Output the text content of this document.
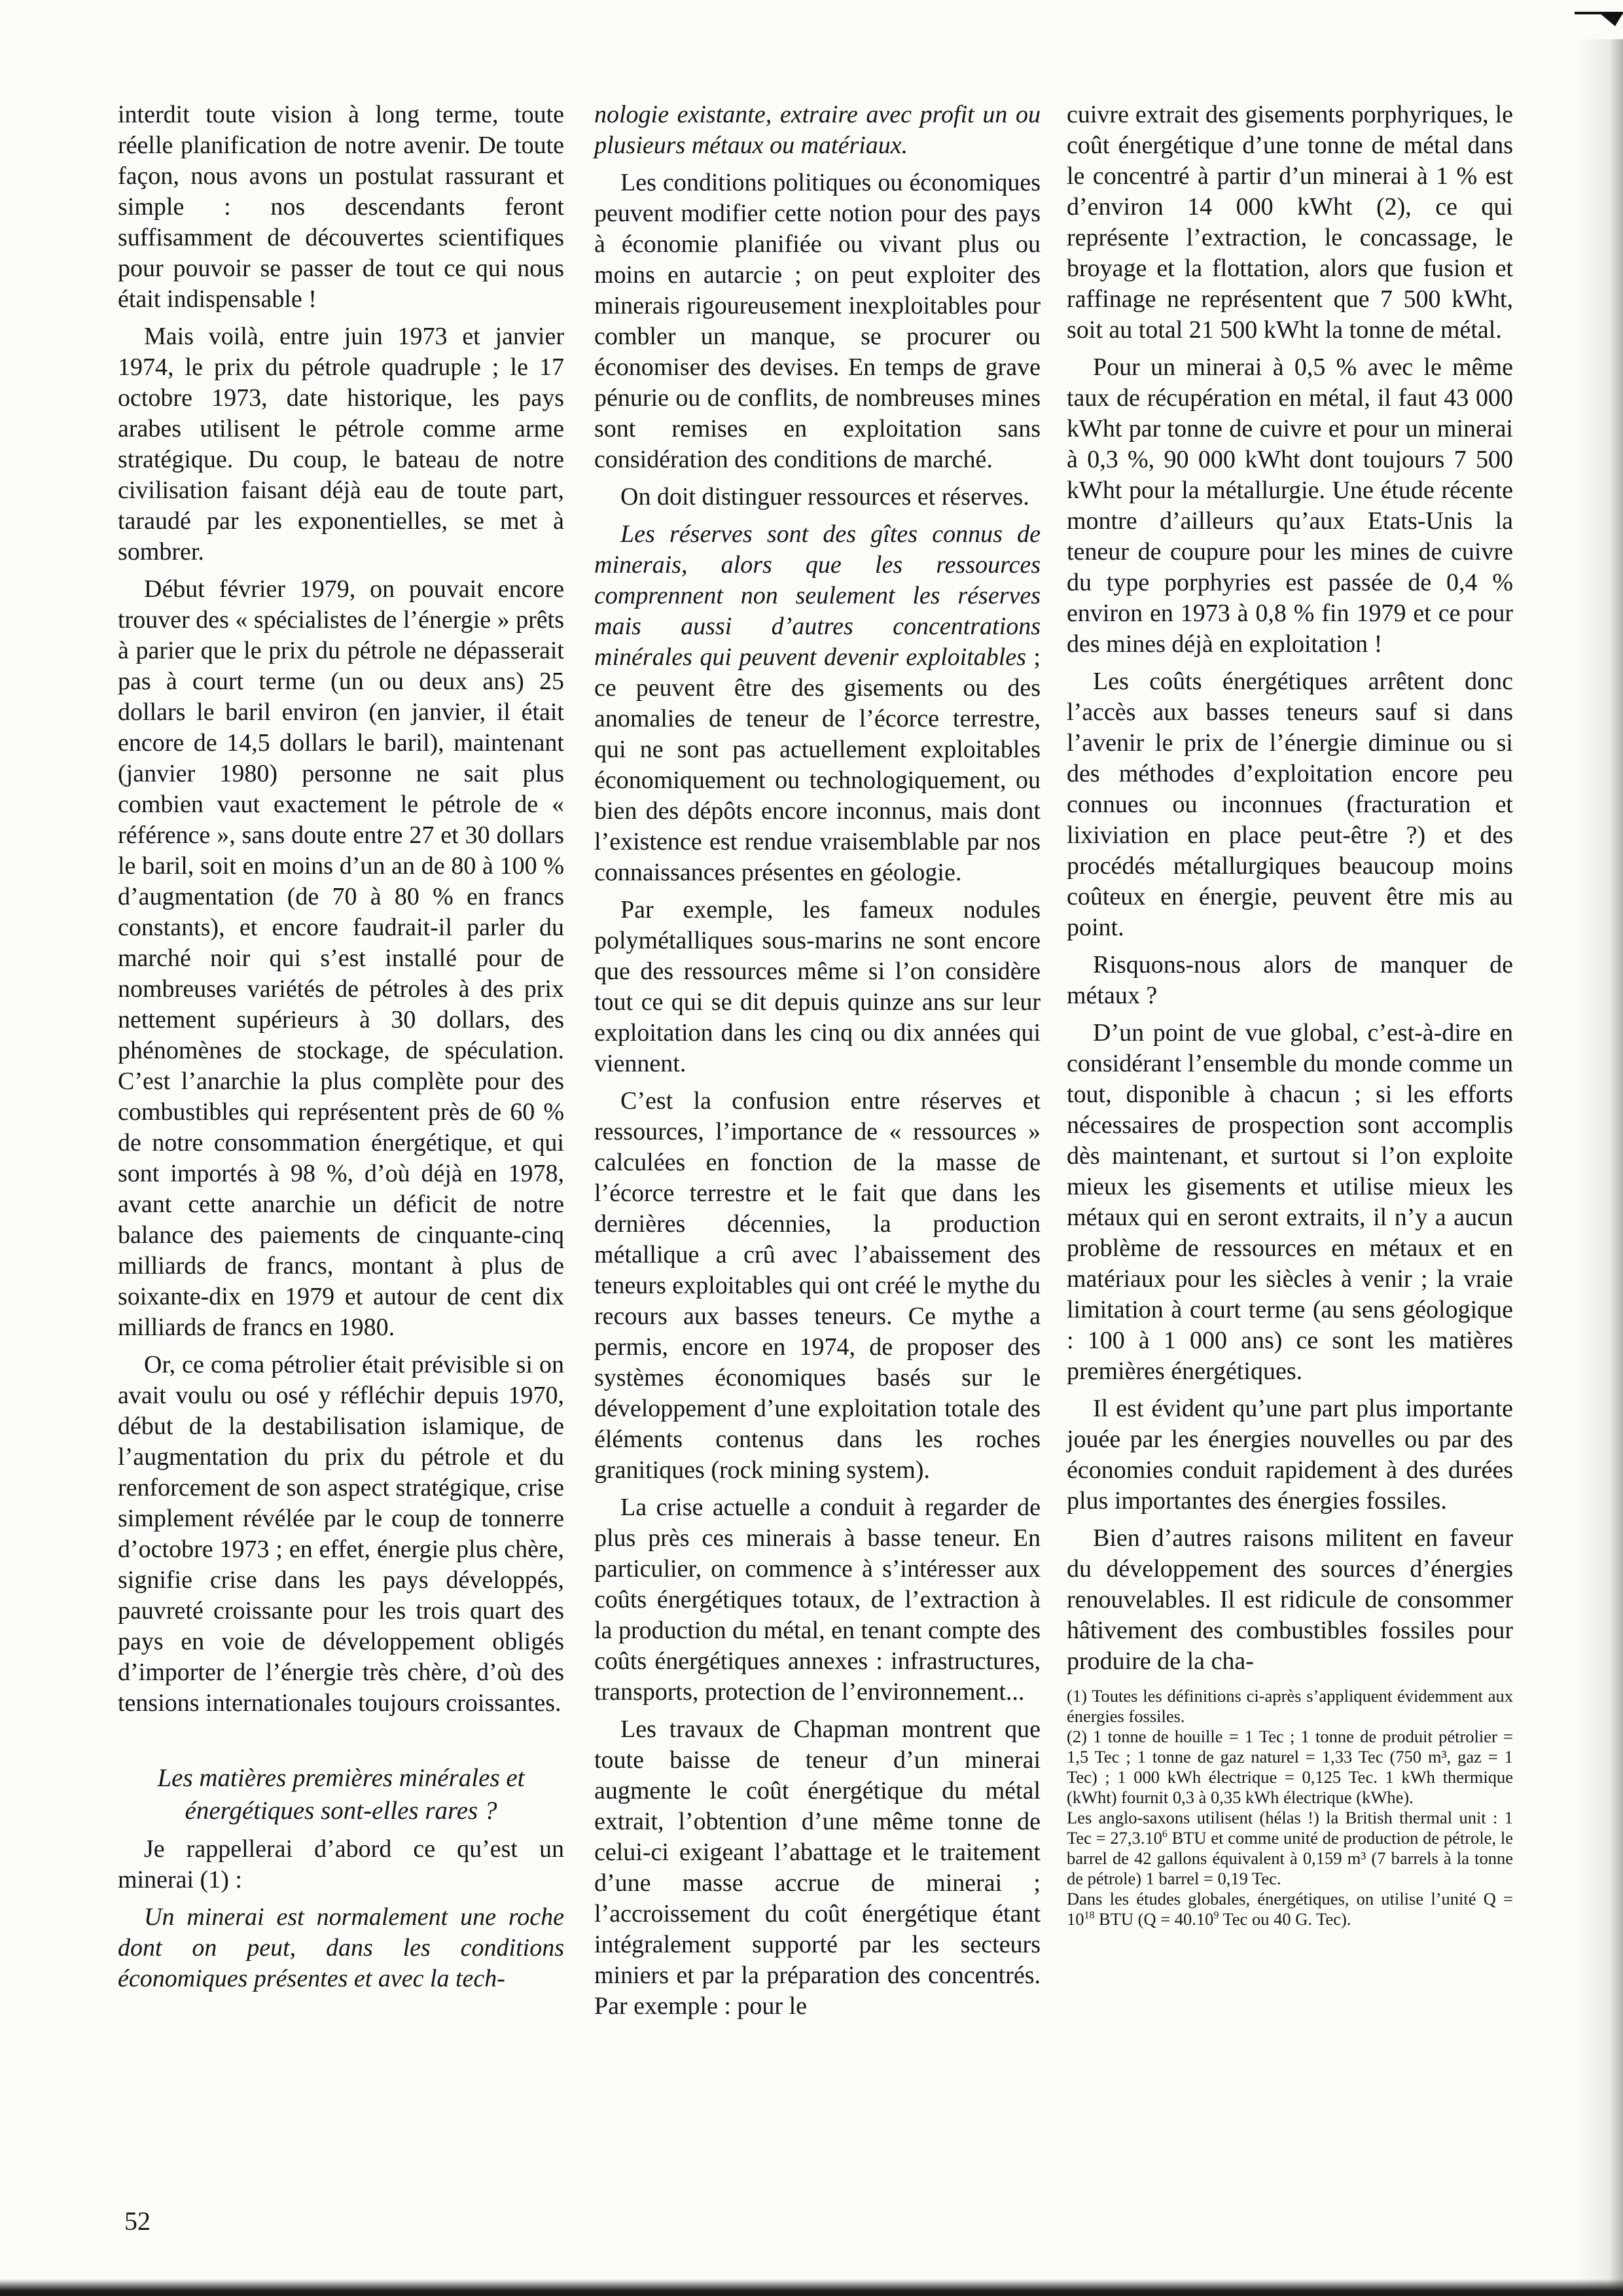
interdit toute vision à long terme, toute réelle planification de notre avenir. De toute façon, nous avons un postulat rassurant et simple : nos descendants feront suffisamment de découvertes scientifiques pour pouvoir se passer de tout ce qui nous était indispensable !

Mais voilà, entre juin 1973 et janvier 1974, le prix du pétrole quadruple ; le 17 octobre 1973, date historique, les pays arabes utilisent le pétrole comme arme stratégique. Du coup, le bateau de notre civilisation faisant déjà eau de toute part, taraudé par les exponentielles, se met à sombrer.

Début février 1979, on pouvait encore trouver des « spécialistes de l’énergie » prêts à parier que le prix du pétrole ne dépasserait pas à court terme (un ou deux ans) 25 dollars le baril environ (en janvier, il était encore de 14,5 dollars le baril), maintenant (janvier 1980) personne ne sait plus combien vaut exactement le pétrole de « référence », sans doute entre 27 et 30 dollars le baril, soit en moins d’un an de 80 à 100 % d’augmentation (de 70 à 80 % en francs constants), et encore faudrait-il parler du marché noir qui s’est installé pour de nombreuses variétés de pétroles à des prix nettement supérieurs à 30 dollars, des phénomènes de stockage, de spéculation. C’est l’anarchie la plus complète pour des combustibles qui représentent près de 60 % de notre consommation énergétique, et qui sont importés à 98 %, d’où déjà en 1978, avant cette anarchie un déficit de notre balance des paiements de cinquante-cinq milliards de francs, montant à plus de soixante-dix en 1979 et autour de cent dix milliards de francs en 1980.

Or, ce coma pétrolier était prévisible si on avait voulu ou osé y réfléchir depuis 1970, début de la destabilisation islamique, de l’augmentation du prix du pétrole et du renforcement de son aspect stratégique, crise simplement révélée par le coup de tonnerre d’octobre 1973 ; en effet, énergie plus chère, signifie crise dans les pays développés, pauvreté croissante pour les trois quart des pays en voie de développement obligés d’importer de l’énergie très chère, d’où des tensions internationales toujours croissantes.

Les matières premières minérales et énergétiques sont-elles rares ?

Je rappellerai d’abord ce qu’est un minerai (1) :

Un minerai est normalement une roche dont on peut, dans les conditions économiques présentes et avec la tech-

nologie existante, extraire avec profit un ou plusieurs métaux ou matériaux.

Les conditions politiques ou économiques peuvent modifier cette notion pour des pays à économie planifiée ou vivant plus ou moins en autarcie ; on peut exploiter des minerais rigoureusement inexploitables pour combler un manque, se procurer ou économiser des devises. En temps de grave pénurie ou de conflits, de nombreuses mines sont remises en exploitation sans considération des conditions de marché.

On doit distinguer ressources et réserves.

Les réserves sont des gîtes connus de minerais, alors que les ressources comprennent non seulement les réserves mais aussi d’autres concentrations minérales qui peuvent devenir exploitables ; ce peuvent être des gisements ou des anomalies de teneur de l’écorce terrestre, qui ne sont pas actuellement exploitables économiquement ou technologiquement, ou bien des dépôts encore inconnus, mais dont l’existence est rendue vraisemblable par nos connaissances présentes en géologie.

Par exemple, les fameux nodules polymétalliques sous-marins ne sont encore que des ressources même si l’on considère tout ce qui se dit depuis quinze ans sur leur exploitation dans les cinq ou dix années qui viennent.

C’est la confusion entre réserves et ressources, l’importance de « ressources » calculées en fonction de la masse de l’écorce terrestre et le fait que dans les dernières décennies, la production métallique a crû avec l’abaissement des teneurs exploitables qui ont créé le mythe du recours aux basses teneurs. Ce mythe a permis, encore en 1974, de proposer des systèmes économiques basés sur le développement d’une exploitation totale des éléments contenus dans les roches granitiques (rock mining system).

La crise actuelle a conduit à regarder de plus près ces minerais à basse teneur. En particulier, on commence à s’intéresser aux coûts énergétiques totaux, de l’extraction à la production du métal, en tenant compte des coûts énergétiques annexes : infrastructures, transports, protection de l’environnement...

Les travaux de Chapman montrent que toute baisse de teneur d’un minerai augmente le coût énergétique du métal extrait, l’obtention d’une même tonne de celui-ci exigeant l’abattage et le traitement d’une masse accrue de minerai ; l’accroissement du coût énergétique étant intégralement supporté par les secteurs miniers et par la préparation des concentrés. Par exemple : pour le

cuivre extrait des gisements porphyriques, le coût énergétique d’une tonne de métal dans le concentré à partir d’un minerai à 1 % est d’environ 14 000 kWht (2), ce qui représente l’extraction, le concassage, le broyage et la flottation, alors que fusion et raffinage ne représentent que 7 500 kWht, soit au total 21 500 kWht la tonne de métal.

Pour un minerai à 0,5 % avec le même taux de récupération en métal, il faut 43 000 kWht par tonne de cuivre et pour un minerai à 0,3 %, 90 000 kWht dont toujours 7 500 kWht pour la métallurgie. Une étude récente montre d’ailleurs qu’aux Etats-Unis la teneur de coupure pour les mines de cuivre du type porphyries est passée de 0,4 % environ en 1973 à 0,8 % fin 1979 et ce pour des mines déjà en exploitation !

Les coûts énergétiques arrêtent donc l’accès aux basses teneurs sauf si dans l’avenir le prix de l’énergie diminue ou si des méthodes d’exploitation encore peu connues ou inconnues (fracturation et lixiviation en place peut-être ?) et des procédés métallurgiques beaucoup moins coûteux en énergie, peuvent être mis au point.

Risquons-nous alors de manquer de métaux ?

D’un point de vue global, c’est-à-dire en considérant l’ensemble du monde comme un tout, disponible à chacun ; si les efforts nécessaires de prospection sont accomplis dès maintenant, et surtout si l’on exploite mieux les gisements et utilise mieux les métaux qui en seront extraits, il n’y a aucun problème de ressources en métaux et en matériaux pour les siècles à venir ; la vraie limitation à court terme (au sens géologique : 100 à 1 000 ans) ce sont les matières premières énergétiques.

Il est évident qu’une part plus importante jouée par les énergies nouvelles ou par des économies conduit rapidement à des durées plus importantes des énergies fossiles.

Bien d’autres raisons militent en faveur du développement des sources d’énergies renouvelables. Il est ridicule de consommer hâtivement des combustibles fossiles pour produire de la cha-

(1) Toutes les définitions ci-après s’appliquent évidemment aux énergies fossiles.

(2) 1 tonne de houille = 1 Tec ; 1 tonne de produit pétrolier = 1,5 Tec ; 1 tonne de gaz naturel = 1,33 Tec (750 m³, gaz = 1 Tec) ; 1 000 kWh électrique = 0,125 Tec. 1 kWh thermique (kWht) fournit 0,3 à 0,35 kWh électrique (kWhe).

Les anglo-saxons utilisent (hélas !) la British thermal unit : 1 Tec = $27,3.10^6$ BTU et comme unité de production de pétrole, le barrel de 42 gallons équivalent à 0,159 m³ (7 barrels à la tonne de pétrole) 1 barrel = 0,19 Tec.

Dans les études globales, énergétiques, on utilise l’unité $Q = 10^{18}$ BTU ($Q = 40.10^9$ Tec ou 40 G. Tec).

52
